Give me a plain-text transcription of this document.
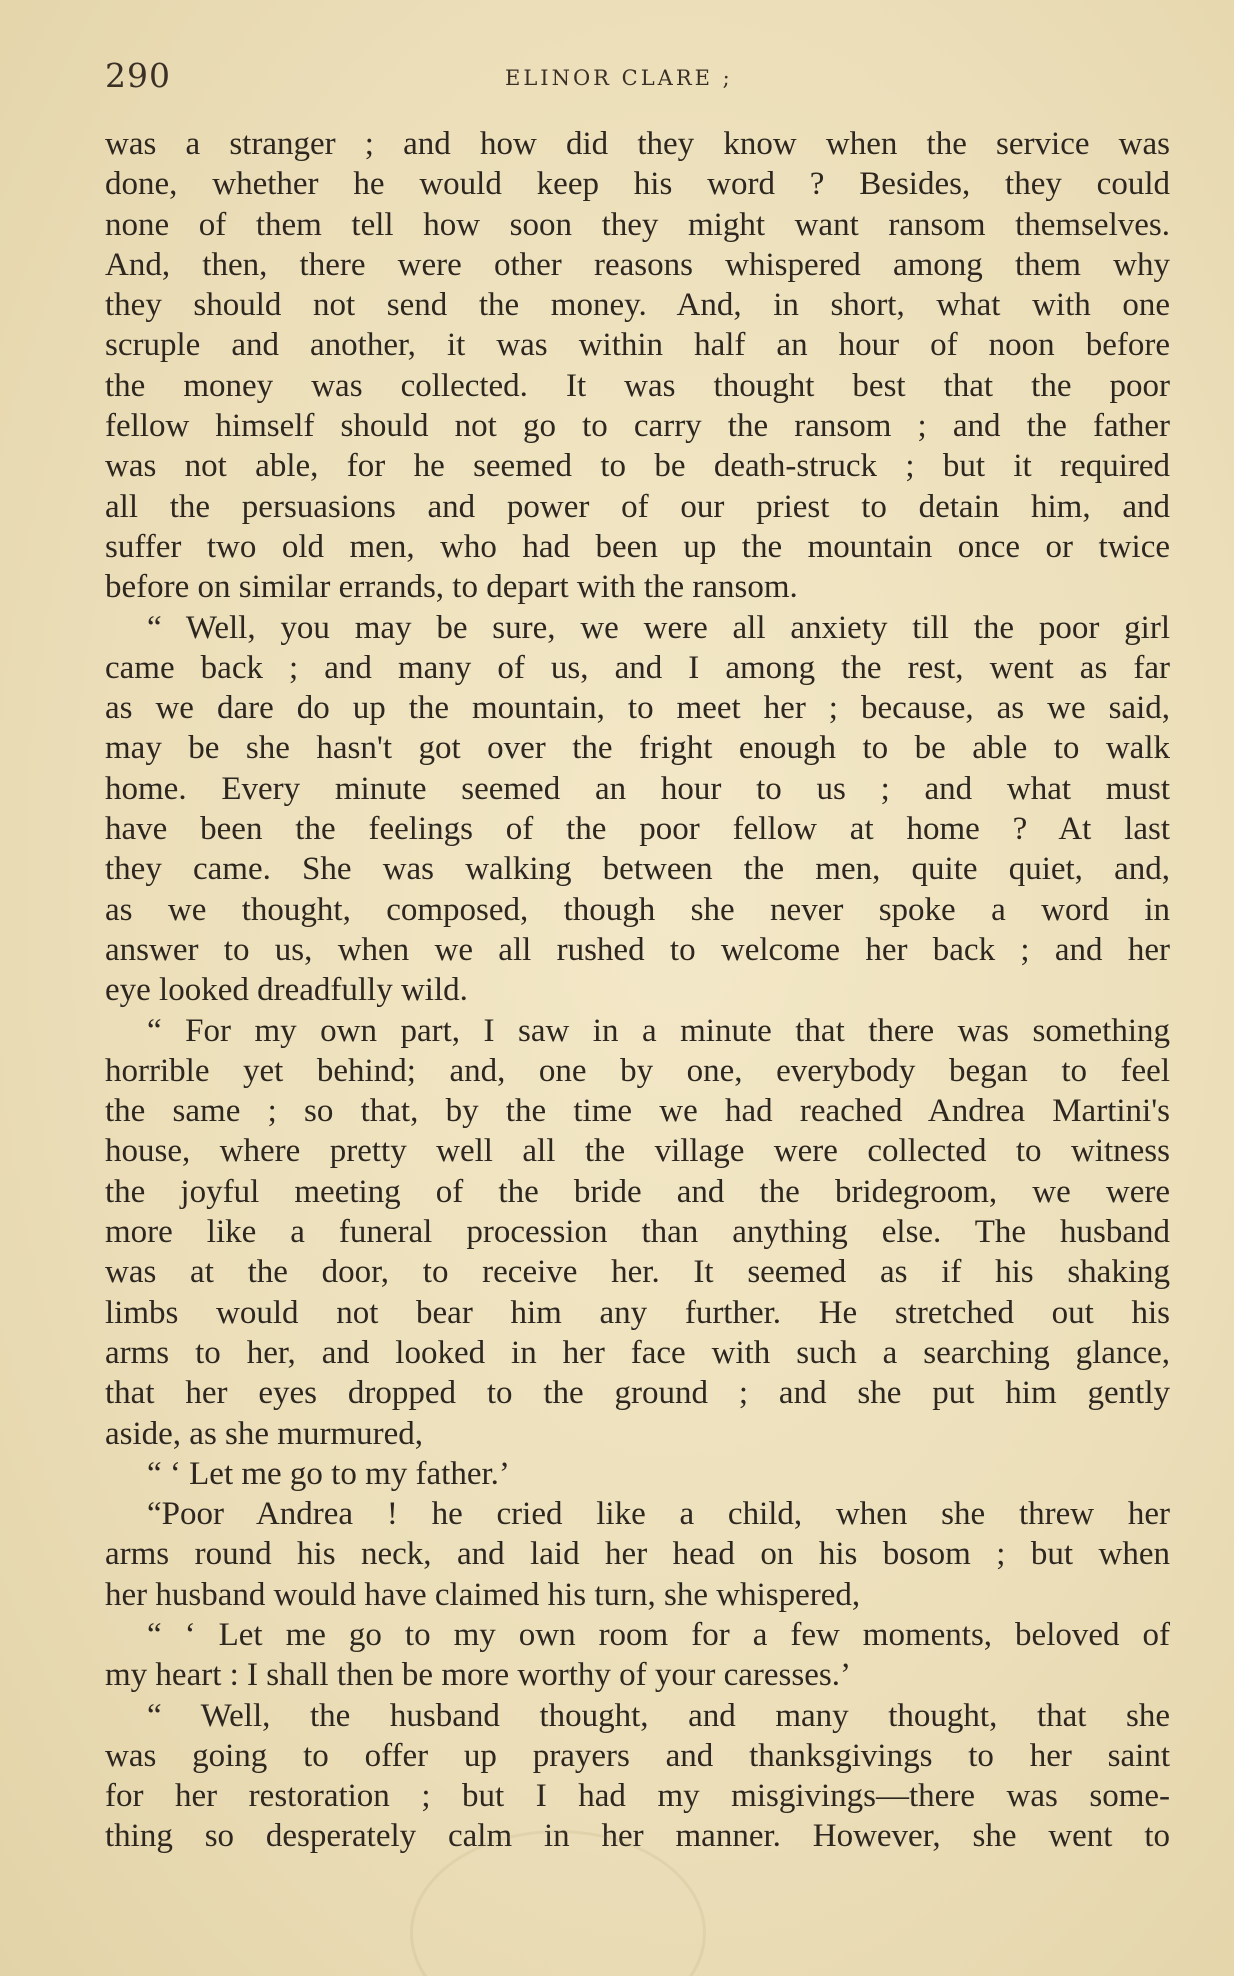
290	ELINOR CLARE ;
was a stranger ; and how did they know when the service was
done, whether he would keep his word ? Besides, they could
none of them tell how soon they might want ransom themselves.
And, then, there were other reasons whispered among them why
they should not send the money. And, in short, what with one
scruple and another, it was within half an hour of noon before
the money was collected. It was thought best that the poor
fellow himself should not go to carry the ransom ; and the father
was not able, for he seemed to be death-struck ; but it required
all the persuasions and power of our priest to detain him, and
suffer two old men, who had been up the mountain once or twice
before on similar errands, to depart with the ransom.
“ Well, you may be sure, we were all anxiety till the poor girl
came back ; and many of us, and I among the rest, went as far
as we dare do up the mountain, to meet her ; because, as we said,
may be she hasn't got over the fright enough to be able to walk
home. Every minute seemed an hour to us ; and what must
have been the feelings of the poor fellow at home ? At last
they came. She was walking between the men, quite quiet, and,
as we thought, composed, though she never spoke a word in
answer to us, when we all rushed to welcome her back ; and her
eye looked dreadfully wild.
“ For my own part, I saw in a minute that there was something
horrible yet behind; and, one by one, everybody began to feel
the same ; so that, by the time we had reached Andrea Martini's
house, where pretty well all the village were collected to witness
the joyful meeting of the bride and the bridegroom, we were
more like a funeral procession than anything else. The husband
was at the door, to receive her. It seemed as if his shaking
limbs would not bear him any further. He stretched out his
arms to her, and looked in her face with such a searching glance,
that her eyes dropped to the ground ; and she put him gently
aside, as she murmured,
“ ‘ Let me go to my father.’
“Poor Andrea ! he cried like a child, when she threw her
arms round his neck, and laid her head on his bosom ; but when
her husband would have claimed his turn, she whispered,
“ ‘ Let me go to my own room for a few moments, beloved of
my heart : I shall then be more worthy of your caresses.’
“ Well, the husband thought, and many thought, that she
was going to offer up prayers and thanksgivings to her saint
for her restoration ; but I had my misgivings—there was some-
thing so desperately calm in her manner. However, she went to
